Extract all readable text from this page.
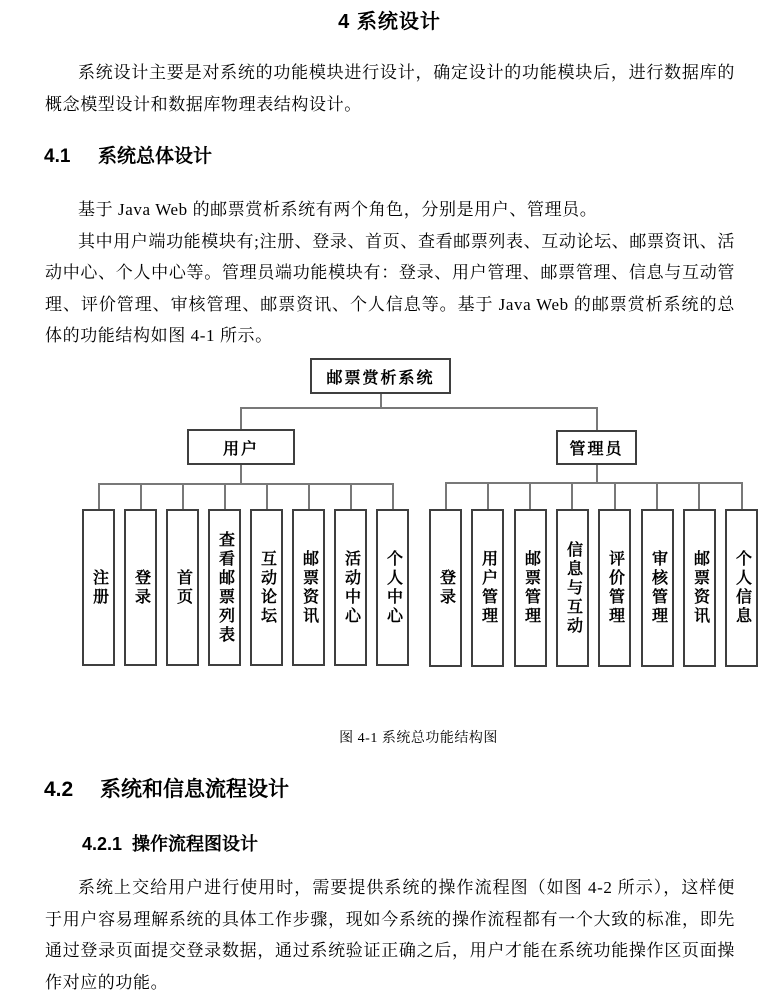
4 系统设计

系统设计主要是对系统的功能模块进行设计，确定设计的功能模块后，进行数据库的概念模型设计和数据库物理表结构设计。

4.1 系统总体设计

基于 Java Web 的邮票赏析系统有两个角色，分别是用户、管理员。

其中用户端功能模块有;注册、登录、首页、查看邮票列表、互动论坛、邮票资讯、活动中心、个人中心等。管理员端功能模块有：登录、用户管理、邮票管理、信息与互动管理、评价管理、审核管理、邮票资讯、个人信息等。基于 Java Web 的邮票赏析系统的总体的功能结构如图 4-1 所示。

邮票赏析系统
用户	管理员
注册 登录 首页 查看邮票列表 互动论坛 邮票资讯 活动中心 个人中心 登录 用户管理 邮票管理 信息与互动 评价管理 审核管理 邮票资讯 个人信息
图 4-1 系统总功能结构图
4.2 系统和信息流程设计
4.2.1 操作流程图设计

系统上交给用户进行使用时，需要提供系统的操作流程图（如图 4-2 所示），这样便于用户容易理解系统的具体工作步骤，现如今系统的操作流程都有一个大致的标准，即先通过登录页面提交登录数据，通过系统验证正确之后，用户才能在系统功能操作区页面操作对应的功能。
